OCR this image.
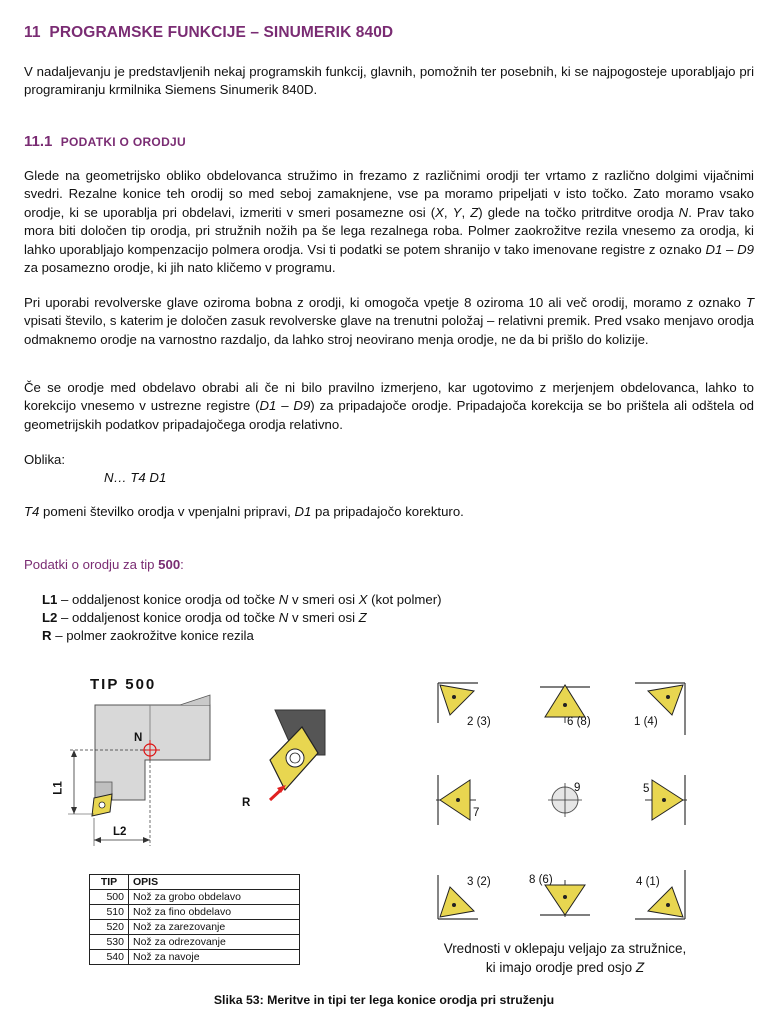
11 PROGRAMSKE FUNKCIJE – SINUMERIK 840D

V nadaljevanju je predstavljenih nekaj programskih funkcij, glavnih, pomožnih ter posebnih, ki se najpogosteje uporabljajo pri programiranju krmilnika Siemens Sinumerik 840D.

11.1 PODATKI O ORODJU

Glede na geometrijsko obliko obdelovanca stružimo in frezamo z različnimi orodji ter vrtamo z različno dolgimi vijačnimi svedri. Rezalne konice teh orodij so med seboj zamaknjene, vse pa moramo pripeljati v isto točko. Zato moramo vsako orodje, ki se uporablja pri obdelavi, izmeriti v smeri posamezne osi (X, Y, Z) glede na točko pritrditve orodja N. Prav tako mora biti določen tip orodja, pri stružnih nožih pa še lega rezalnega roba. Polmer zaokrožitve rezila vnesemo za orodja, ki lahko uporabljajo kompenzacijo polmera orodja. Vsi ti podatki se potem shranijo v tako imenovane registre z oznako D1 – D9 za posamezno orodje, ki jih nato kličemo v programu.

Pri uporabi revolverske glave oziroma bobna z orodji, ki omogoča vpetje 8 oziroma 10 ali več orodij, moramo z oznako T vpisati število, s katerim je določen zasuk revolverske glave na trenutni položaj – relativni premik. Pred vsako menjavo orodja odmaknemo orodje na varnostno razdaljo, da lahko stroj neovirano menja orodje, ne da bi prišlo do kolizije.

Če se orodje med obdelavo obrabi ali če ni bilo pravilno izmerjeno, kar ugotovimo z merjenjem obdelovanca, lahko to korekcijo vnesemo v ustrezne registre (D1 – D9) za pripadajoče orodje. Pripadajoča korekcija se bo prištela ali odštela od geometrijskih podatkov pripadajočega orodja relativno.

Oblika:
N… T4 D1
T4 pomeni številko orodja v vpenjalni pripravi, D1 pa pripadajočo korekturo.
Podatki o orodju za tip 500:
L1 – oddaljenost konice orodja od točke N v smeri osi X (kot polmer)
L2 – oddaljenost konice orodja od točke N v smeri osi Z
R – polmer zaokrožitve konice rezila
TIP 500
N
L1
L2
R
2 (3)	6 (8)	1 (4)
7
9	5
3 (2)	8 (6)	4 (1)
TIP	OPIS
500	Nož za grobo obdelavo
510	Nož za fino obdelavo
520	Nož za zarezovanje
530	Nož za odrezovanje
540	Nož za navoje
Vrednosti v oklepaju veljajo za stružnice,
ki imajo orodje pred osjo Z
Slika 53: Meritve in tipi ter lega konice orodja pri struženju
